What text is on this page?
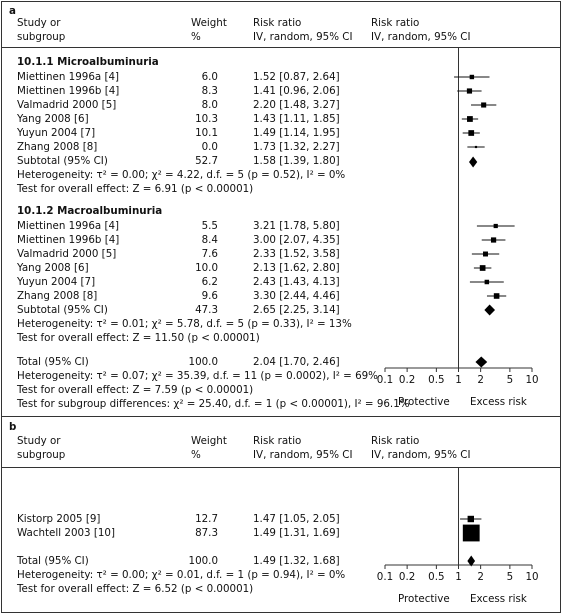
a
Study or
subgroup
Weight
%
Risk ratio
IV, random, 95% CI
Risk ratio
IV, random, 95% CI
10.1.1 Microalbuminuria
Miettinen 1996a [4]	6.0	1.52 [0.87, 2.64]
Miettinen 1996b [4]	8.3	1.41 [0.96, 2.06]
Valmadrid 2000 [5]	8.0	2.20 [1.48, 3.27]
Yang 2008 [6]	10.3	1.43 [1.11, 1.85]
Yuyun 2004 [7]	10.1	1.49 [1.14, 1.95]
Zhang 2008 [8]	0.0	1.73 [1.32, 2.27]
Subtotal (95% CI)	52.7	1.58 [1.39, 1.80]
Heterogeneity: τ² = 0.00; χ² = 4.22, d.f. = 5 (p = 0.52), I² = 0%
Test for overall effect: Z = 6.91 (p < 0.00001)
10.1.2 Macroalbuminuria
Miettinen 1996a [4]	5.5	3.21 [1.78, 5.80]
Miettinen 1996b [4]	8.4	3.00 [2.07, 4.35]
Valmadrid 2000 [5]	7.6	2.33 [1.52, 3.58]
Yang 2008 [6]	10.0	2.13 [1.62, 2.80]
Yuyun 2004 [7]	6.2	2.43 [1.43, 4.13]
Zhang 2008 [8]	9.6	3.30 [2.44, 4.46]
Subtotal (95% CI)	47.3	2.65 [2.25, 3.14]
Heterogeneity: τ² = 0.01; χ² = 5.78, d.f. = 5 (p = 0.33), I² = 13%
Test for overall effect: Z = 11.50 (p < 0.00001)
Total (95% CI)	100.0	2.04 [1.70, 2.46]
Heterogeneity: τ² = 0.07; χ² = 35.39, d.f. = 11 (p = 0.0002), I² = 69%
Test for overall effect: Z = 7.59 (p < 0.00001)
Test for subgroup differences: χ² = 25.40, d.f. = 1 (p < 0.00001), I² = 96.1%
Protective Excess risk
b
Study or
subgroup
Weight
%
Risk ratio
IV, random, 95% CI
Risk ratio
IV, random, 95% CI
Kistorp 2005 [9]	12.7	1.47 [1.05, 2.05]
Wachtell 2003 [10]	87.3	1.49 [1.31, 1.69]
Total (95% CI)	100.0	1.49 [1.32, 1.68]
Heterogeneity: τ² = 0.00; χ² = 0.01, d.f. = 1 (p = 0.94), I² = 0%
Test for overall effect: Z = 6.52 (p < 0.00001)
Protective Excess risk
0.1 0.2 0.5 1 2 5 10
0.1 0.2 0.5 1 2 5 10
